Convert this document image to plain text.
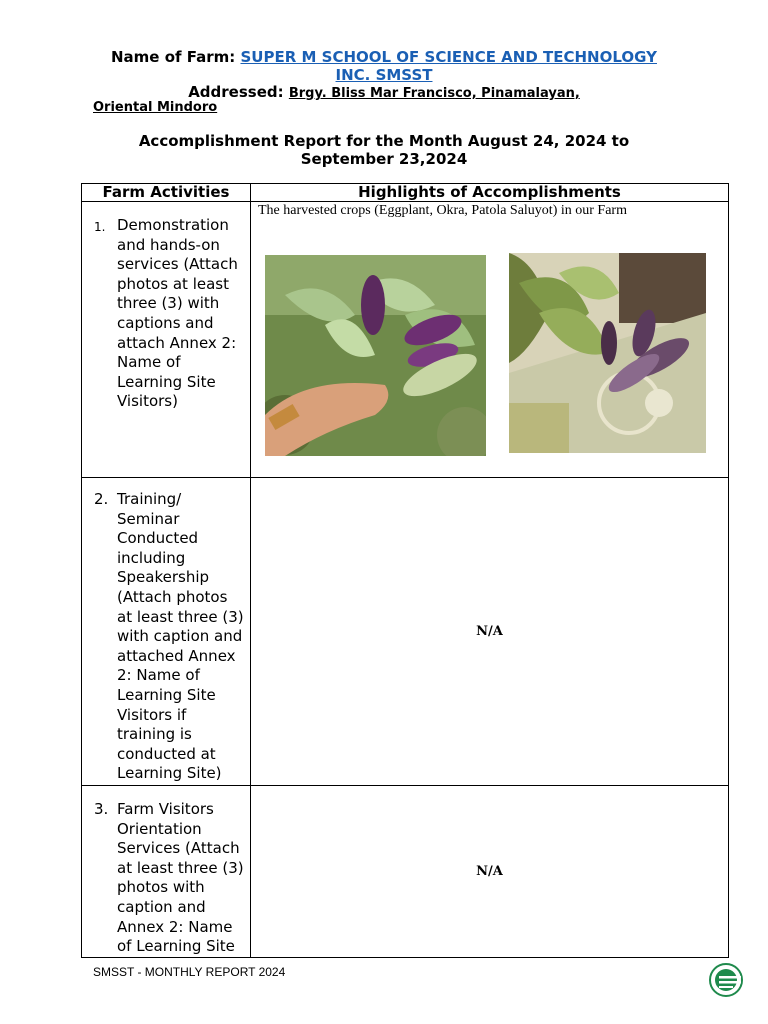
Name of Farm: SUPER M SCHOOL OF SCIENCE AND TECHNOLOGY
INC. SMSST
Addressed: Brgy. Bliss Mar Francisco, Pinamalayan,
Oriental Mindoro
Accomplishment Report for the Month August 24, 2024 to
September 23,2024
Farm Activities	Highlights of Accomplishments

1. Demonstration and hands-on services (Attach photos at least three (3) with captions and attach Annex 2: Name of Learning Site Visitors)	The harvested crops (Eggplant, Okra, Patola Saluyot) in our Farm

2. Training/ Seminar Conducted including Speakership (Attach photos at least three (3) with caption and attached Annex 2: Name of Learning Site Visitors if training is conducted at Learning Site)	N/A

3. Farm Visitors Orientation Services (Attach at least three (3) photos with caption and Annex 2: Name of Learning Site	N/A
SMSST - MONTHLY REPORT 2024
